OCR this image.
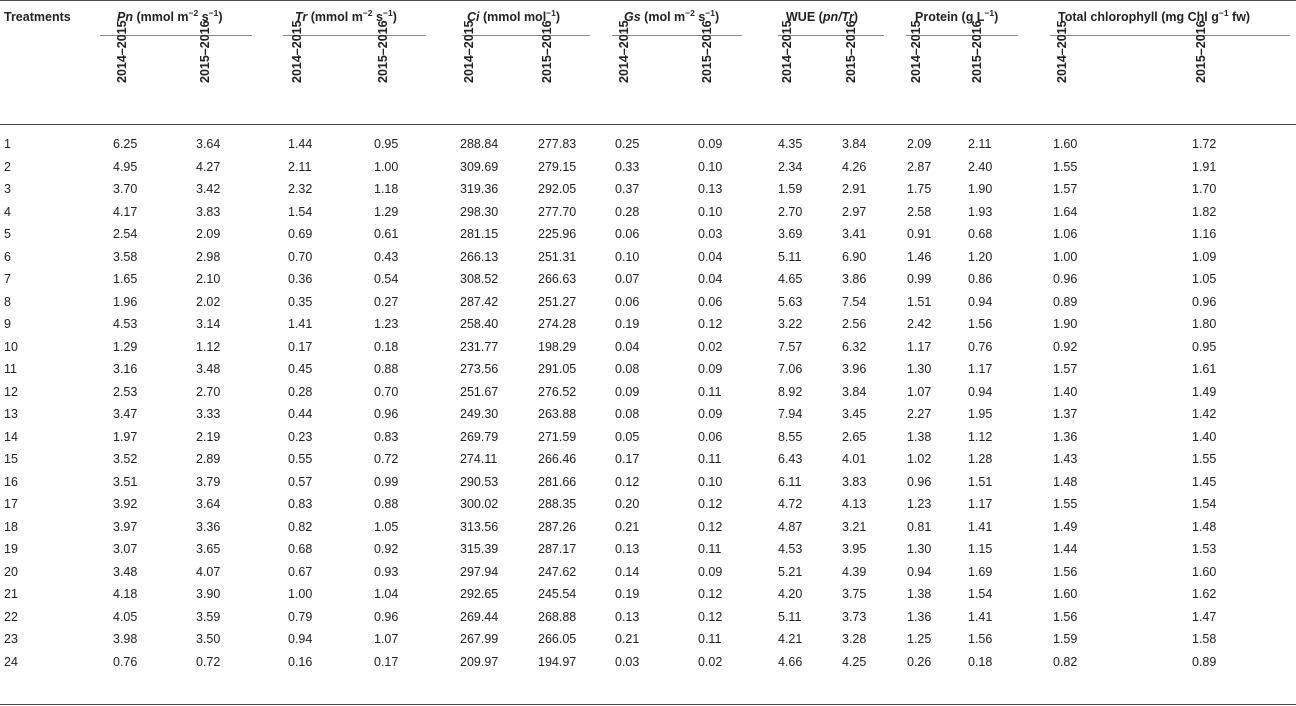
Treatments	Pn (mmol $m^{-2}$ $s^{-1}$)
2014–2015	2015–2016
Tr (mmol $m^{-2}$ $s^{-1}$)
2014–2015	2015–2016
Ci (mmol mol$^{-1}$)
2014–2015	2015–2016
Gs (mol $m^{-2}$ $s^{-1}$)
2014–2015	2015–2016
WUE (pn/Tr)
2014–2015	2015–2016
Protein (g $L^{-1}$)
2014–2015	2015–2016
Total chlorophyll (mg Chl $g^{-1}$ fw)
2014–2015	2015–2016
1	6.25	3.64	1.44	0.95	288.84	277.83	0.25	0.09	4.35	3.84	2.09	2.11	1.60	1.72
2	4.95	4.27	2.11	1.00	309.69	279.15	0.33	0.10	2.34	4.26	2.87	2.40	1.55	1.91
3	3.70	3.42	2.32	1.18	319.36	292.05	0.37	0.13	1.59	2.91	1.75	1.90	1.57	1.70
4	4.17	3.83	1.54	1.29	298.30	277.70	0.28	0.10	2.70	2.97	2.58	1.93	1.64	1.82
5	2.54	2.09	0.69	0.61	281.15	225.96	0.06	0.03	3.69	3.41	0.91	0.68	1.06	1.16
6	3.58	2.98	0.70	0.43	266.13	251.31	0.10	0.04	5.11	6.90	1.46	1.20	1.00	1.09
7	1.65	2.10	0.36	0.54	308.52	266.63	0.07	0.04	4.65	3.86	0.99	0.86	0.96	1.05
8	1.96	2.02	0.35	0.27	287.42	251.27	0.06	0.06	5.63	7.54	1.51	0.94	0.89	0.96
9	4.53	3.14	1.41	1.23	258.40	274.28	0.19	0.12	3.22	2.56	2.42	1.56	1.90	1.80
10	1.29	1.12	0.17	0.18	231.77	198.29	0.04	0.02	7.57	6.32	1.17	0.76	0.92	0.95
11	3.16	3.48	0.45	0.88	273.56	291.05	0.08	0.09	7.06	3.96	1.30	1.17	1.57	1.61
12	2.53	2.70	0.28	0.70	251.67	276.52	0.09	0.11	8.92	3.84	1.07	0.94	1.40	1.49
13	3.47	3.33	0.44	0.96	249.30	263.88	0.08	0.09	7.94	3.45	2.27	1.95	1.37	1.42
14	1.97	2.19	0.23	0.83	269.79	271.59	0.05	0.06	8.55	2.65	1.38	1.12	1.36	1.40
15	3.52	2.89	0.55	0.72	274.11	266.46	0.17	0.11	6.43	4.01	1.02	1.28	1.43	1.55
16	3.51	3.79	0.57	0.99	290.53	281.66	0.12	0.10	6.11	3.83	0.96	1.51	1.48	1.45
17	3.92	3.64	0.83	0.88	300.02	288.35	0.20	0.12	4.72	4.13	1.23	1.17	1.55	1.54
18	3.97	3.36	0.82	1.05	313.56	287.26	0.21	0.12	4.87	3.21	0.81	1.41	1.49	1.48
19	3.07	3.65	0.68	0.92	315.39	287.17	0.13	0.11	4.53	3.95	1.30	1.15	1.44	1.53
20	3.48	4.07	0.67	0.93	297.94	247.62	0.14	0.09	5.21	4.39	0.94	1.69	1.56	1.60
21	4.18	3.90	1.00	1.04	292.65	245.54	0.19	0.12	4.20	3.75	1.38	1.54	1.60	1.62
22	4.05	3.59	0.79	0.96	269.44	268.88	0.13	0.12	5.11	3.73	1.36	1.41	1.56	1.47
23	3.98	3.50	0.94	1.07	267.99	266.05	0.21	0.11	4.21	3.28	1.25	1.56	1.59	1.58
24	0.76	0.72	0.16	0.17	209.97	194.97	0.03	0.02	4.66	4.25	0.26	0.18	0.82	0.89
